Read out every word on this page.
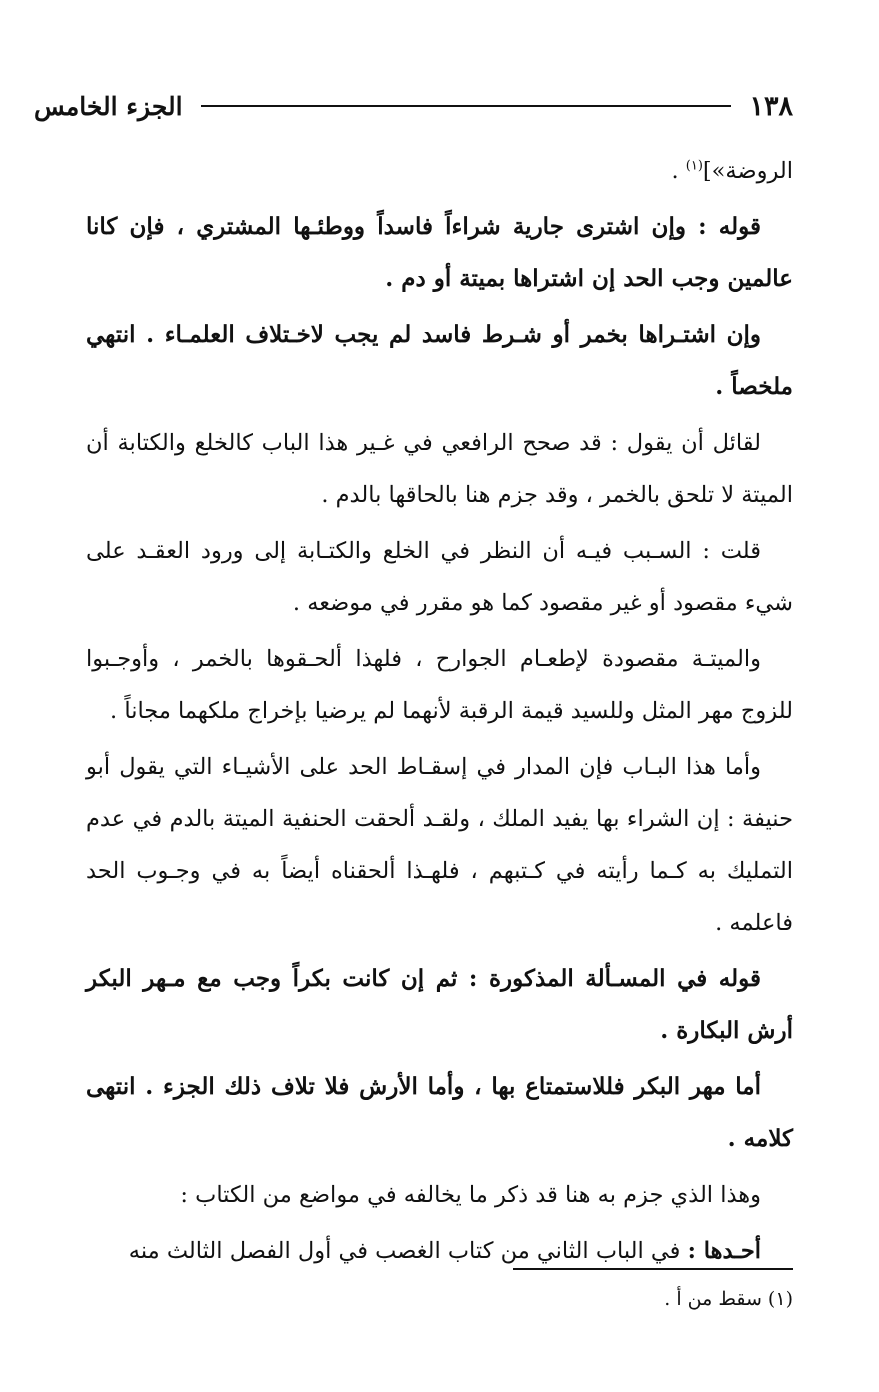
١٣٨
الجزء الخامس

الروضة»]$^{(١)}$ .

قوله : وإن اشترى جارية شراءاً فاسداً ووطئـها المشتري ، فإن كانا عالمين وجب الحد إن اشتراها بميتة أو دم .

وإن اشتـراها بخمر أو شـرط فاسد لم يجب لاخـتلاف العلمـاء . انتهي ملخصاً .

لقائل أن يقول : قد صحح الرافعي في غـير هذا الباب كالخلع والكتابة أن الميتة لا تلحق بالخمر ، وقد جزم هنا بالحاقها بالدم .

قلت : السـبب فيـه أن النظر في الخلع والكتـابة إلى ورود العقـد على شيء مقصود أو غير مقصود كما هو مقرر في موضعه .

والميتـة مقصودة لإطعـام الجوارح ، فلهذا ألحـقوها بالخمر ، وأوجـبوا للزوج مهر المثل وللسيد قيمة الرقبة لأنهما لم يرضيا بإخراج ملكهما مجاناً .

وأما هذا البـاب فإن المدار في إسقـاط الحد على الأشيـاء التي يقول أبو حنيفة : إن الشراء بها يفيد الملك ، ولقـد ألحقت الحنفية الميتة بالدم في عدم التمليك به كـما رأيته في كـتبهم ، فلهـذا ألحقناه أيضاً به في وجـوب الحد فاعلمه .

قوله في المسـألة المذكورة : ثم إن كانت بكراً وجب مع مـهر البكر أرش البكارة .

أما مهر البكر فللاستمتاع بها ، وأما الأرش فلا تلاف ذلك الجزء . انتهى كلامه .

وهذا الذي جزم به هنا قد ذكر ما يخالفه في مواضع من الكتاب :

أحـدها : في الباب الثاني من كتاب الغصب في أول الفصل الثالث منه

(١) سقط من أ .
